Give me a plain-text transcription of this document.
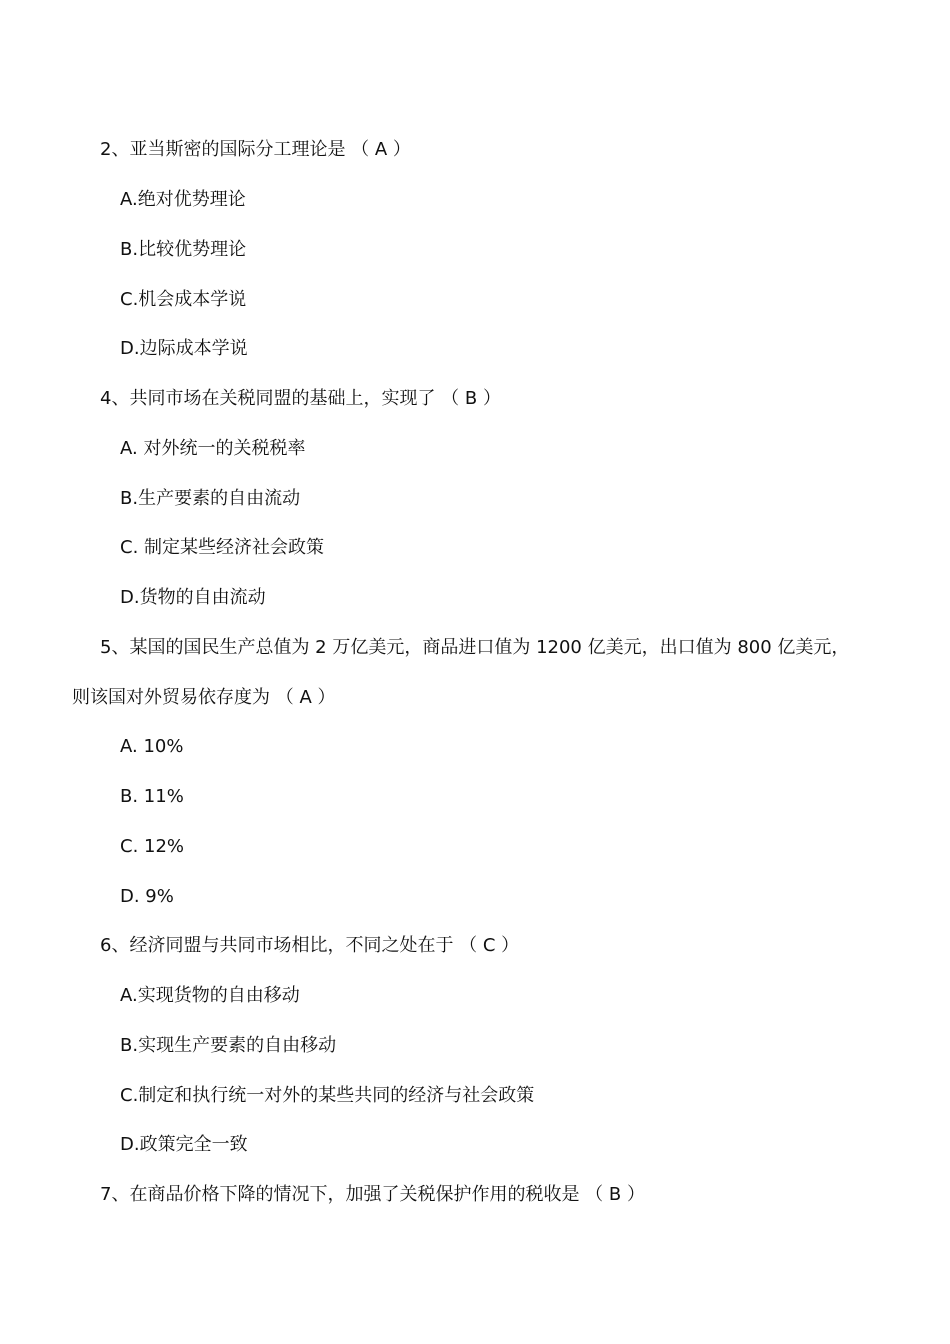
2、亚当斯密的国际分工理论是 （ A ）
A.绝对优势理论
B.比较优势理论
C.机会成本学说
D.边际成本学说
4、共同市场在关税同盟的基础上，实现了 （ B ）
A. 对外统一的关税税率
B.生产要素的自由流动
C. 制定某些经济社会政策
D.货物的自由流动
5、某国的国民生产总值为 2 万亿美元，商品进口值为 1200 亿美元，出口值为 800 亿美元，
则该国对外贸易依存度为 （ A ）
A. 10%
B. 11%
C. 12%
D. 9%
6、经济同盟与共同市场相比，不同之处在于 （ C ）
A.实现货物的自由移动
B.实现生产要素的自由移动
C.制定和执行统一对外的某些共同的经济与社会政策
D.政策完全一致
7、在商品价格下降的情况下，加强了关税保护作用的税收是 （ B ）
